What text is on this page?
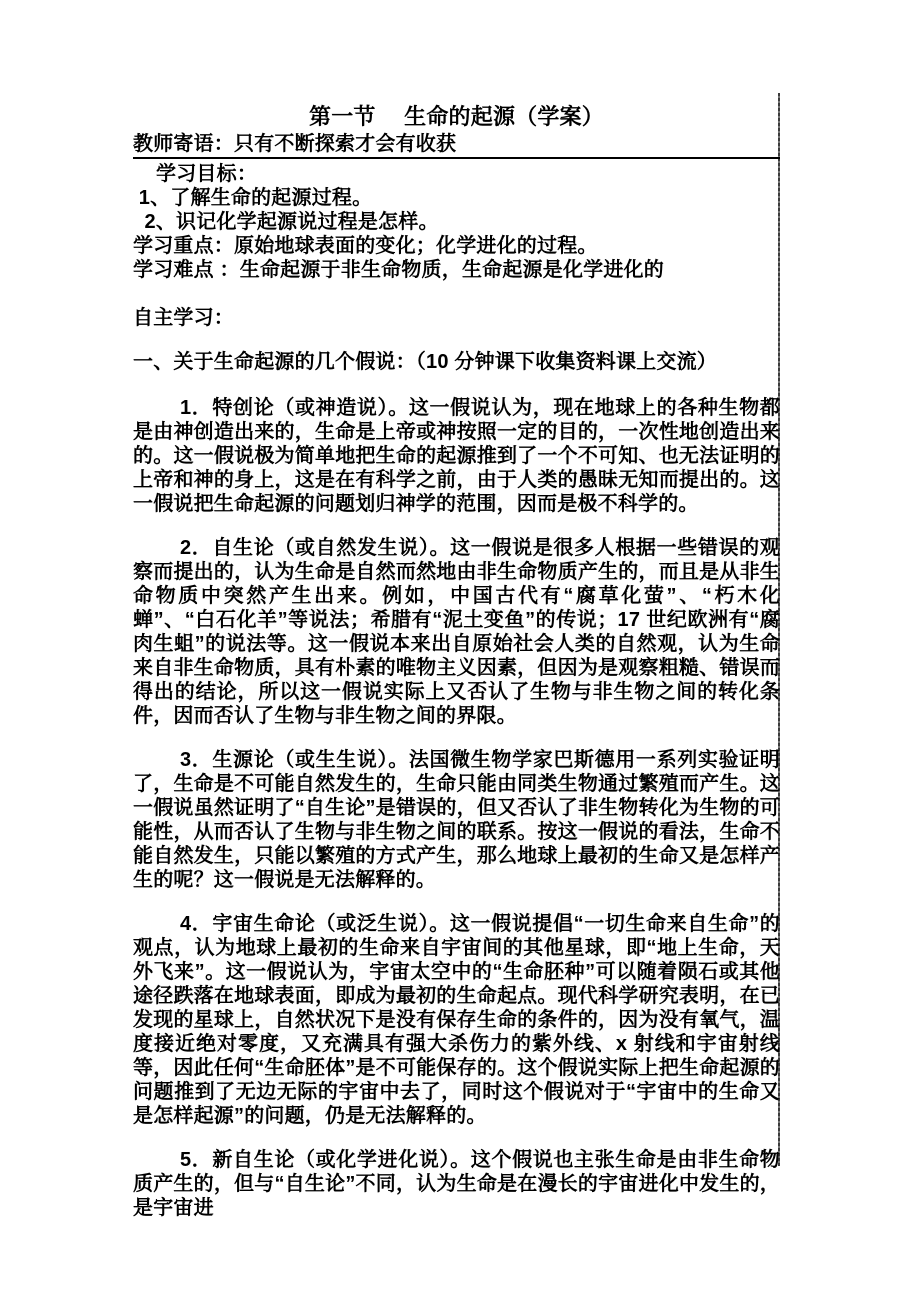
第一节　 生命的起源（学案）
教师寄语：只有不断探索才会有收获
学习目标：
1、了解生命的起源过程。
2、识记化学起源说过程是怎样。
学习重点：原始地球表面的变化；化学进化的过程。
学习难点 ：生命起源于非生命物质，生命起源是化学进化的
自主学习：
一、关于生命起源的几个假说：（10 分钟课下收集资料课上交流）
1．特创论（或神造说）。这一假说认为，现在地球上的各种生物都是由神创造出来的，生命是上帝或神按照一定的目的，一次性地创造出来的。这一假说极为简单地把生命的起源推到了一个不可知、也无法证明的上帝和神的身上，这是在有科学之前，由于人类的愚昧无知而提出的。这一假说把生命起源的问题划归神学的范围，因而是极不科学的。
2．自生论（或自然发生说）。这一假说是很多人根据一些错误的观察而提出的，认为生命是自然而然地由非生命物质产生的，而且是从非生命物质中突然产生出来。例如，中国古代有“腐草化萤”、“朽木化蝉”、“白石化羊”等说法；希腊有“泥土变鱼”的传说；17 世纪欧洲有“腐肉生蛆”的说法等。这一假说本来出自原始社会人类的自然观，认为生命来自非生命物质，具有朴素的唯物主义因素，但因为是观察粗糙、错误而得出的结论，所以这一假说实际上又否认了生物与非生物之间的转化条件，因而否认了生物与非生物之间的界限。
3．生源论（或生生说）。法国微生物学家巴斯德用一系列实验证明了，生命是不可能自然发生的，生命只能由同类生物通过繁殖而产生。这一假说虽然证明了“自生论”是错误的，但又否认了非生物转化为生物的可能性，从而否认了生物与非生物之间的联系。按这一假说的看法，生命不能自然发生，只能以繁殖的方式产生，那么地球上最初的生命又是怎样产生的呢？这一假说是无法解释的。
4．宇宙生命论（或泛生说）。这一假说提倡“一切生命来自生命”的观点，认为地球上最初的生命来自宇宙间的其他星球，即“地上生命，天外飞来”。这一假说认为，宇宙太空中的“生命胚种”可以随着陨石或其他途径跌落在地球表面，即成为最初的生命起点。现代科学研究表明，在已发现的星球上，自然状况下是没有保存生命的条件的，因为没有氧气，温度接近绝对零度，又充满具有强大杀伤力的紫外线、x 射线和宇宙射线等，因此任何“生命胚体”是不可能保存的。这个假说实际上把生命起源的问题推到了无边无际的宇宙中去了，同时这个假说对于“宇宙中的生命又是怎样起源”的问题，仍是无法解释的。
5．新自生论（或化学进化说）。这个假说也主张生命是由非生命物质产生的，但与“自生论”不同，认为生命是在漫长的宇宙进化中发生的，是宇宙进
